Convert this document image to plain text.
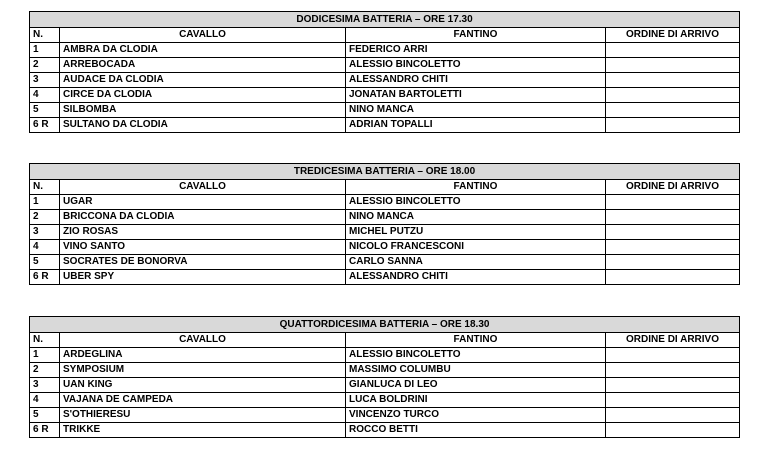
DODICESIMA BATTERIA – ORE 17.30			
N.	CAVALLO	FANTINO	ORDINE DI ARRIVO
1	AMBRA DA CLODIA	FEDERICO ARRI	
2	ARREBOCADA	ALESSIO BINCOLETTO	
3	AUDACE DA CLODIA	ALESSANDRO CHITI	
4	CIRCE DA CLODIA	JONATAN BARTOLETTI	
5	SILBOMBA	NINO MANCA	
6 R	SULTANO DA CLODIA	ADRIAN TOPALLI	
TREDICESIMA BATTERIA – ORE 18.00			
N.	CAVALLO	FANTINO	ORDINE DI ARRIVO
1	UGAR	ALESSIO BINCOLETTO	
2	BRICCONA DA CLODIA	NINO MANCA	
3	ZIO ROSAS	MICHEL PUTZU	
4	VINO SANTO	NICOLO FRANCESCONI	
5	SOCRATES DE BONORVA	CARLO SANNA	
6 R	UBER SPY	ALESSANDRO CHITI	
QUATTORDICESIMA BATTERIA – ORE 18.30			
N.	CAVALLO	FANTINO	ORDINE DI ARRIVO
1	ARDEGLINA	ALESSIO BINCOLETTO	
2	SYMPOSIUM	MASSIMO COLUMBU	
3	UAN KING	GIANLUCA DI LEO	
4	VAJANA DE CAMPEDA	LUCA BOLDRINI	
5	S'OTHIERESU	VINCENZO TURCO	
6 R	TRIKKE	ROCCO BETTI	
